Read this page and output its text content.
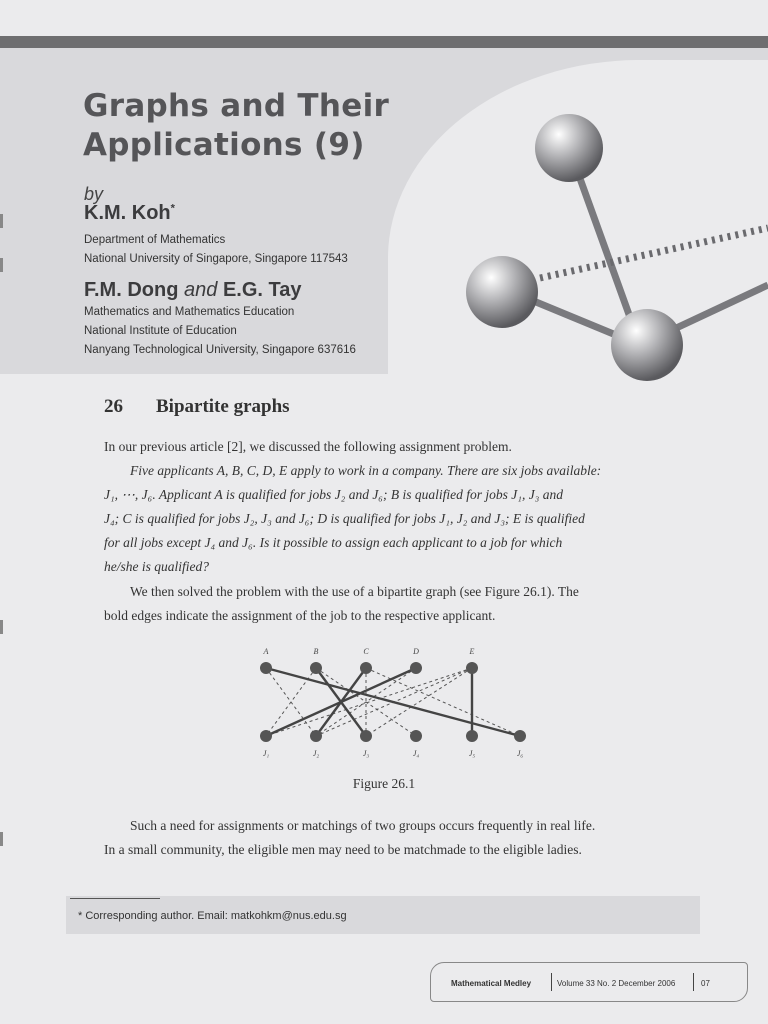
Graphs and Their
Applications (9)
by
K.M. Koh*
Department of Mathematics
National University of Singapore, Singapore 117543
F.M. Dong and E.G. Tay
Mathematics and Mathematics Education
National Institute of Education
Nanyang Technological University, Singapore 637616
26 Bipartite graphs
In our previous article [2], we discussed the following assignment problem.
Five applicants A, B, C, D, E apply to work in a company. There are six jobs available:
J₁, ⋯, J₆. Applicant A is qualified for jobs J₂ and J₆; B is qualified for jobs J₁, J₃ and
J₄; C is qualified for jobs J₂, J₃ and J₆; D is qualified for jobs J₁, J₂ and J₃; E is qualified
for all jobs except J₄ and J₆. Is it possible to assign each applicant to a job for which
he/she is qualified?
We then solved the problem with the use of a bipartite graph (see Figure 26.1). The
bold edges indicate the assignment of the job to the respective applicant.
A	B	C	D	E
J₁	J₂	J₃	J₄	J₅	J₆
Figure 26.1
Such a need for assignments or matchings of two groups occurs frequently in real life.
In a small community, the eligible men may need to be matchmade to the eligible ladies.
* Corresponding author. Email: matkohkm@nus.edu.sg
Mathematical Medley	Volume 33 No. 2 December 2006	07
